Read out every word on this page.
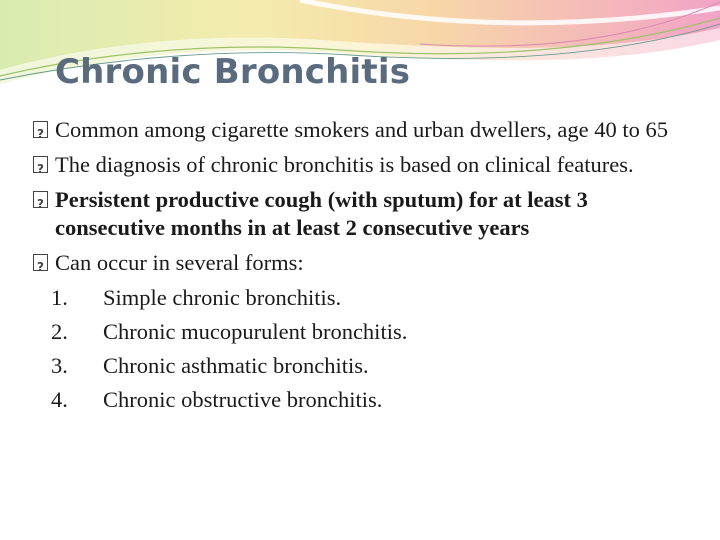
Chronic Bronchitis

?
Common among cigarette smokers and urban dwellers, age 40 to 65

?
The diagnosis of chronic bronchitis is based on clinical features.

?
Persistent productive cough (with sputum) for at least 3 consecutive months in at least 2 consecutive years

?
Can occur in several forms:

1. Simple chronic bronchitis.
2. Chronic mucopurulent bronchitis.
3. Chronic asthmatic bronchitis.
4. Chronic obstructive bronchitis.
